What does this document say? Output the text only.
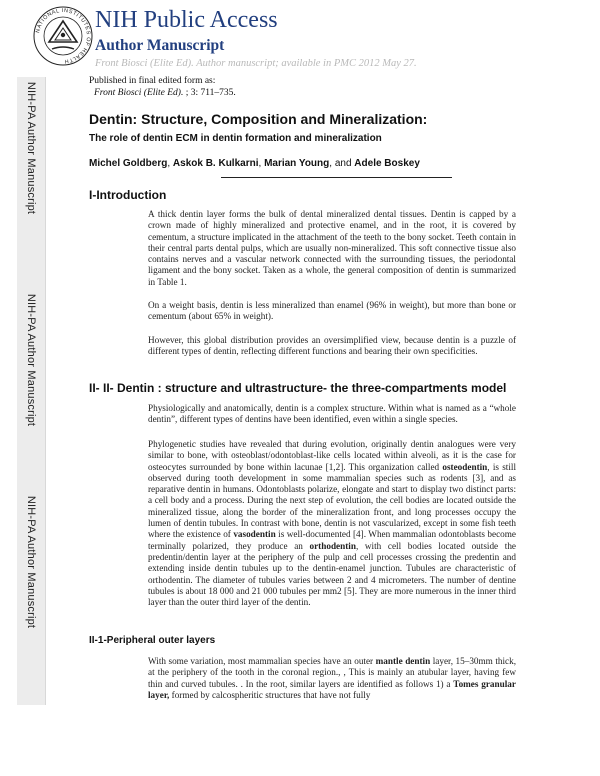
NIH-PA Author Manuscript
NIH-PA Author Manuscript
NIH-PA Author Manuscript
NATIONAL INSTITUTES OF HEALTH
NIH Public Access
Author Manuscript
Front Biosci (Elite Ed). Author manuscript; available in PMC 2012 May 27.
Published in final edited form as:
Front Biosci (Elite Ed). ; 3: 711–735.
Dentin: Structure, Composition and Mineralization:
The role of dentin ECM in dentin formation and mineralization
Michel Goldberg, Askok B. Kulkarni, Marian Young, and Adele Boskey
I-Introduction
A thick dentin layer forms the bulk of dental mineralized dental tissues. Dentin is capped by a crown made of highly mineralized and protective enamel, and in the root, it is covered by cementum, a structure implicated in the attachment of the teeth to the bony socket. Teeth contain in their central parts dental pulps, which are usually non-mineralized. This soft connective tissue also contains nerves and a vascular network connected with the surrounding tissues, the periodontal ligament and the bony socket. Taken as a whole, the general composition of dentin is summarized in Table 1.
On a weight basis, dentin is less mineralized than enamel (96% in weight), but more than bone or cementum (about 65% in weight).
However, this global distribution provides an oversimplified view, because dentin is a puzzle of different types of dentin, reflecting different functions and bearing their own specificities.
II- II- Dentin : structure and ultrastructure- the three-compartments model
Physiologically and anatomically, dentin is a complex structure. Within what is named as a “whole dentin”, different types of dentins have been identified, even within a single species.
Phylogenetic studies have revealed that during evolution, originally dentin analogues were very similar to bone, with osteoblast/odontoblast-like cells located within alveoli, as it is the case for osteocytes surrounded by bone within lacunae [1,2]. This organization called osteodentin, is still observed during tooth development in some mammalian species such as rodents [3], and as reparative dentin in humans. Odontoblasts polarize, elongate and start to display two distinct parts: a cell body and a process. During the next step of evolution, the cell bodies are located outside the mineralized tissue, along the border of the mineralization front, and long processes occupy the lumen of dentin tubules. In contrast with bone, dentin is not vascularized, except in some fish teeth where the existence of vasodentin is well-documented [4]. When mammalian odontoblasts become terminally polarized, they produce an orthodentin, with cell bodies located outside the predentin/dentin layer at the periphery of the pulp and cell processes crossing the predentin and extending inside dentin tubules up to the dentin-enamel junction. Tubules are characteristic of orthodentin. The diameter of tubules varies between 2 and 4 micrometers. The number of dentine tubules is about 18 000 and 21 000 tubules per mm2 [5]. They are more numerous in the inner third layer than the outer third layer of the dentin.
II-1-Peripheral outer layers
With some variation, most mammalian species have an outer mantle dentin layer, 15–30mm thick, at the periphery of the tooth in the coronal region., , This is mainly an atubular layer, having few thin and curved tubules. . In the root, similar layers are identified as follows 1) a Tomes granular layer, formed by calcospheritic structures that have not fully
